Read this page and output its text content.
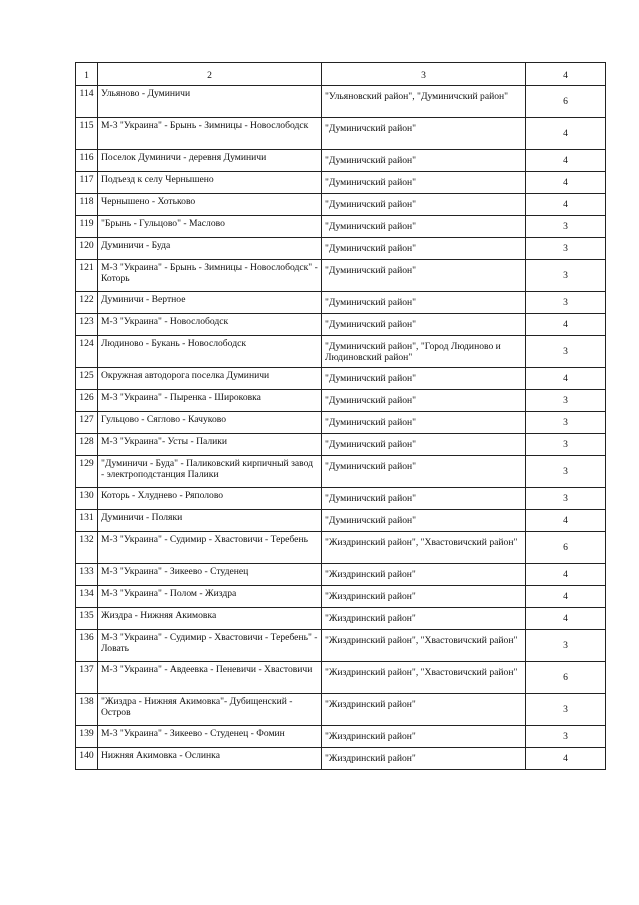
1	2	3	4
114	Ульяново - Думиничи	"Ульяновский район", "Думиничский район"	6
115	М-3 "Украина" - Брынь - Зимницы - Новослободск	"Думиничский район"	4
116	Поселок Думиничи - деревня Думиничи	"Думиничский район"	4
117	Подъезд к селу Чернышено	"Думиничский район"	4
118	Чернышено - Хотьково	"Думиничский район"	4
119	"Брынь - Гульцово" - Маслово	"Думиничский район"	3
120	Думиничи - Буда	"Думиничский район"	3
121	М-3 "Украина" - Брынь - Зимницы - Новослободск" - Которь	"Думиничский район"	3
122	Думиничи - Вертное	"Думиничский район"	3
123	М-3 "Украина" - Новослободск	"Думиничский район"	4
124	Людиново - Букань - Новослободск	"Думиничский район", "Город Людиново и Людиновский район"	3
125	Окружная автодорога поселка Думиничи	"Думиничский район"	4
126	М-3 "Украина" - Пыренка - Широковка	"Думиничский район"	3
127	Гульцово - Сяглово - Качуково	"Думиничский район"	3
128	М-3 "Украина"- Усты - Палики	"Думиничский район"	3
129	"Думиничи - Буда" - Паликовский кирпичный завод - электроподстанция Палики	"Думиничский район"	3
130	Которь - Хлуднево - Ряполово	"Думиничский район"	3
131	Думиничи - Поляки	"Думиничский район"	4
132	М-3 "Украина" - Судимир - Хвастовичи - Теребень	"Жиздринский район", "Хвастовичский район"	6
133	М-3 "Украина" - Зикеево - Студенец	"Жиздринский район"	4
134	М-3 "Украина" - Полом - Жиздра	"Жиздринский район"	4
135	Жиздра - Нижняя Акимовка	"Жиздринский район"	4
136	М-3 "Украина" - Судимир - Хвастовичи - Теребень" - Ловать	"Жиздринский район", "Хвастовичский район"	3
137	М-3 "Украина" - Авдеевка - Пеневичи - Хвастовичи	"Жиздринский район", "Хвастовичский район"	6
138	"Жиздра - Нижняя Акимовка"- Дубищенский - Остров	"Жиздринский район"	3
139	М-3 "Украина" - Зикеево - Студенец - Фомин	"Жиздринский район"	3
140	Нижняя Акимовка - Ослинка	"Жиздринский район"	4
